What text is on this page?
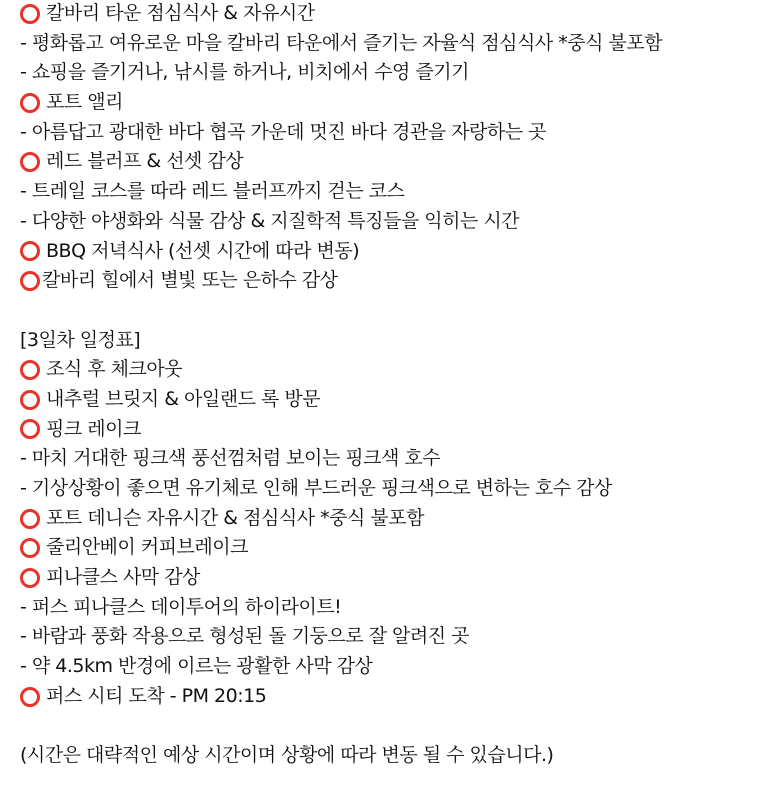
칼바리 타운 점심식사 & 자유시간
- 평화롭고 여유로운 마을 칼바리 타운에서 즐기는 자율식 점심식사 *중식 불포함
- 쇼핑을 즐기거나, 낚시를 하거나, 비치에서 수영 즐기기
포트 앨리
- 아름답고 광대한 바다 협곡 가운데 멋진 바다 경관을 자랑하는 곳
레드 블러프 & 선셋 감상
- 트레일 코스를 따라 레드 블러프까지 걷는 코스
- 다양한 야생화와 식물 감상 & 지질학적 특징들을 익히는 시간
BBQ 저녁식사 (선셋 시간에 따라 변동)
칼바리 힐에서 별빛 또는 은하수 감상
[3일차 일정표]
조식 후 체크아웃
내추럴 브릿지 & 아일랜드 록 방문
핑크 레이크
- 마치 거대한 핑크색 풍선껌처럼 보이는 핑크색 호수
- 기상상황이 좋으면 유기체로 인해 부드러운 핑크색으로 변하는 호수 감상
포트 데니슨 자유시간 & 점심식사 *중식 불포함
줄리안베이 커피브레이크
피나클스 사막 감상
- 퍼스 피나클스 데이투어의 하이라이트!
- 바람과 풍화 작용으로 형성된 돌 기둥으로 잘 알려진 곳
- 약 4.5km 반경에 이르는 광활한 사막 감상
퍼스 시티 도착 - PM 20:15
(시간은 대략적인 예상 시간이며 상황에 따라 변동 될 수 있습니다.)
